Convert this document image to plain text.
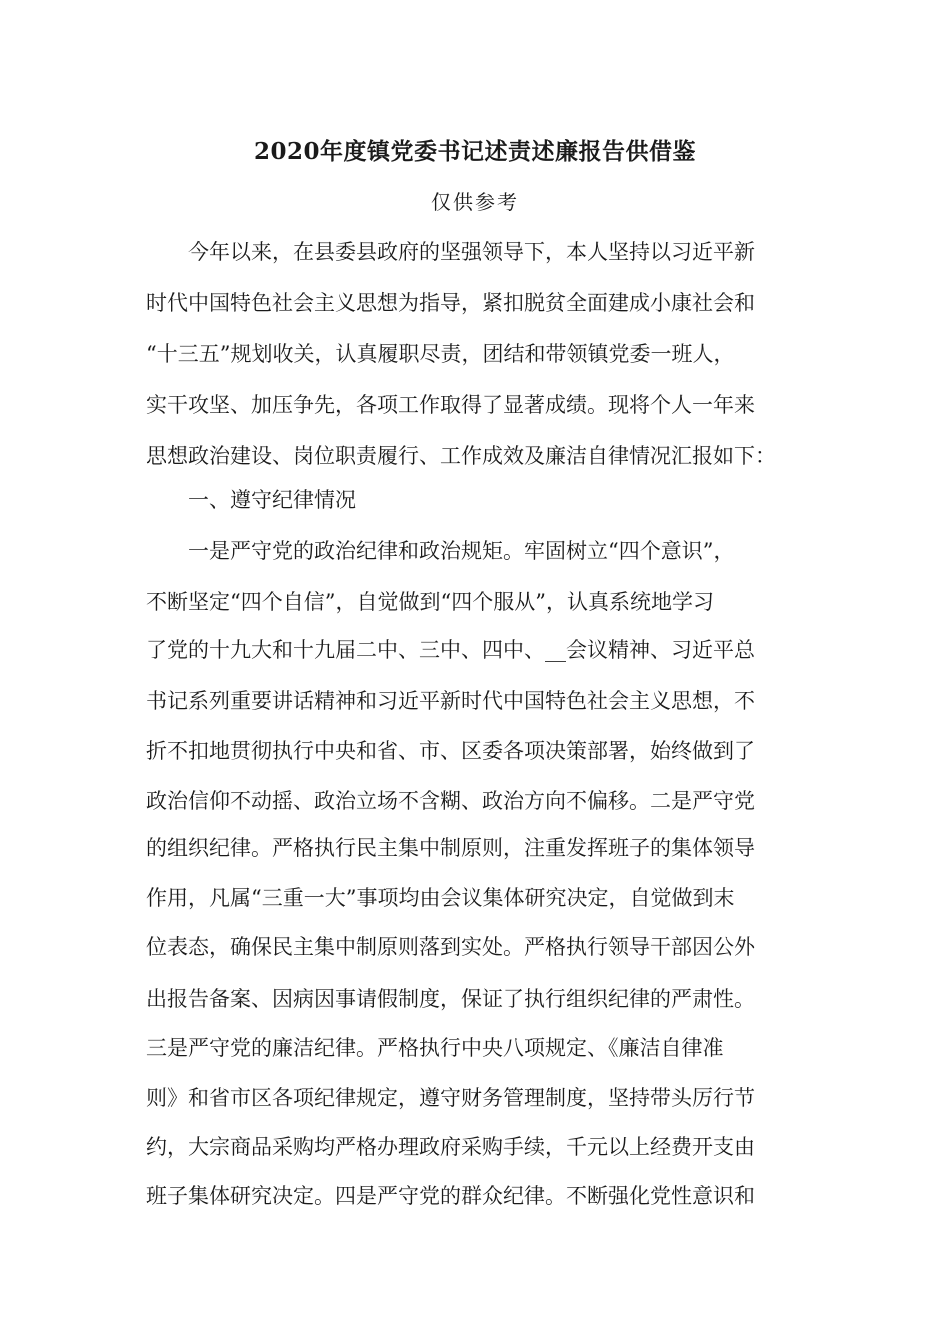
2020年度镇党委书记述责述廉报告供借鉴
仅供参考
　　今年以来，在县委县政府的坚强领导下，本人坚持以习近平新
时代中国特色社会主义思想为指导，紧扣脱贫全面建成小康社会和
“十三五”规划收关，认真履职尽责，团结和带领镇党委一班人，
实干攻坚、加压争先，各项工作取得了显著成绩。现将个人一年来
思想政治建设、岗位职责履行、工作成效及廉洁自律情况汇报如下：
　　一、遵守纪律情况
　　一是严守党的政治纪律和政治规矩。牢固树立“四个意识”，
不断坚定“四个自信”，自觉做到“四个服从”，认真系统地学习
了党的十九大和十九届二中、三中、四中、__会议精神、习近平总
书记系列重要讲话精神和习近平新时代中国特色社会主义思想，不
折不扣地贯彻执行中央和省、市、区委各项决策部署，始终做到了
政治信仰不动摇、政治立场不含糊、政治方向不偏移。二是严守党
的组织纪律。严格执行民主集中制原则，注重发挥班子的集体领导
作用，凡属“三重一大”事项均由会议集体研究决定，自觉做到末
位表态，确保民主集中制原则落到实处。严格执行领导干部因公外
出报告备案、因病因事请假制度，保证了执行组织纪律的严肃性。
三是严守党的廉洁纪律。严格执行中央八项规定、《廉洁自律准
则》和省市区各项纪律规定，遵守财务管理制度，坚持带头厉行节
约，大宗商品采购均严格办理政府采购手续，千元以上经费开支由
班子集体研究决定。四是严守党的群众纪律。不断强化党性意识和
